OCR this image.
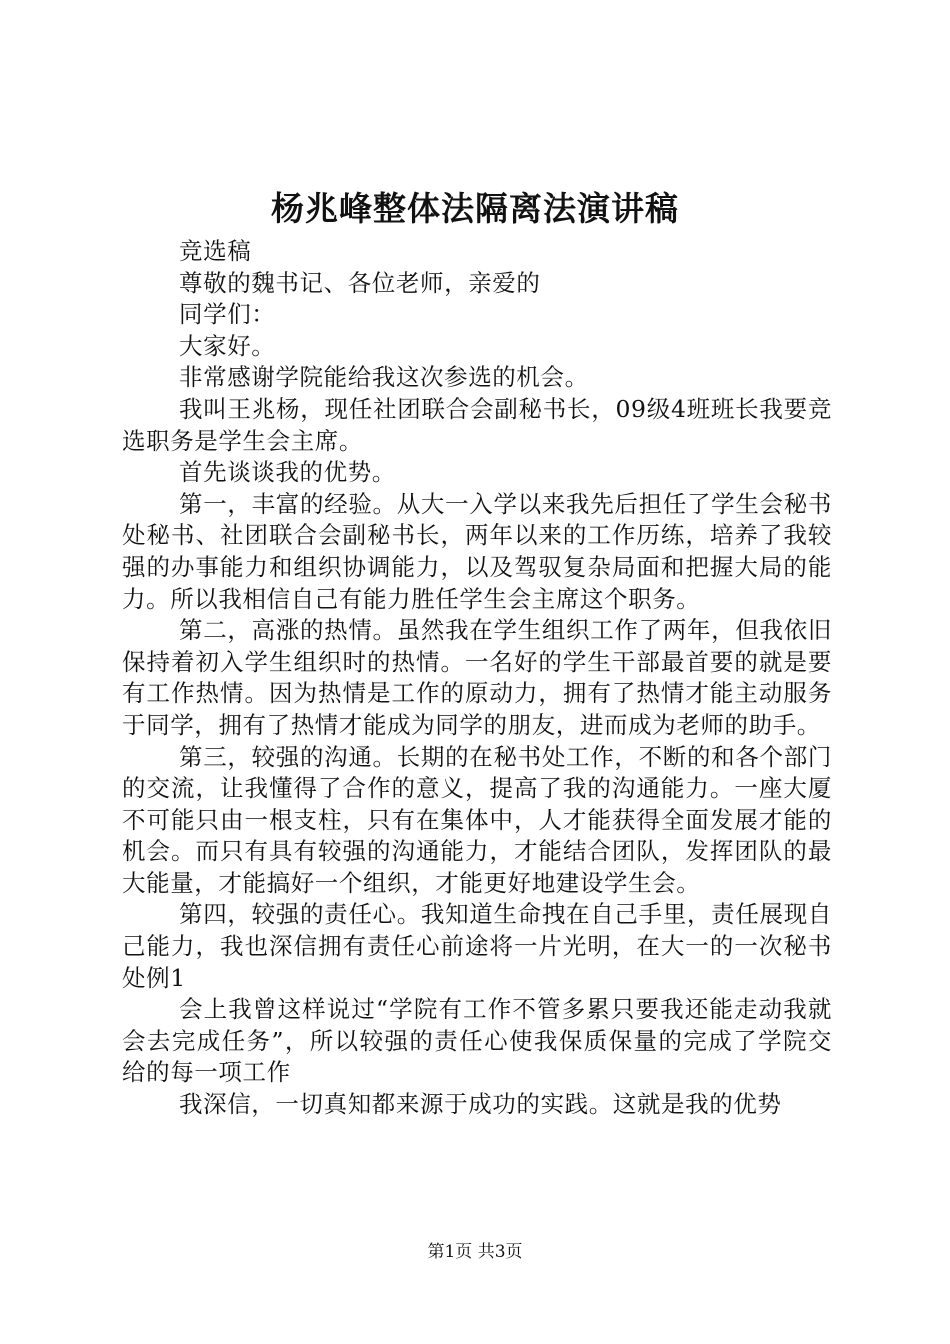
杨兆峰整体法隔离法演讲稿

竞选稿

尊敬的魏书记、各位老师，亲爱的

同学们：

大家好。

非常感谢学院能给我这次参选的机会。

我叫王兆杨，现任社团联合会副秘书长，09级4班班长我要竞选职务是学生会主席。

首先谈谈我的优势。

第一，丰富的经验。从大一入学以来我先后担任了学生会秘书处秘书、社团联合会副秘书长，两年以来的工作历练，培养了我较强的办事能力和组织协调能力，以及驾驭复杂局面和把握大局的能力。所以我相信自己有能力胜任学生会主席这个职务。

第二，高涨的热情。虽然我在学生组织工作了两年，但我依旧保持着初入学生组织时的热情。一名好的学生干部最首要的就是要有工作热情。因为热情是工作的原动力，拥有了热情才能主动服务于同学，拥有了热情才能成为同学的朋友，进而成为老师的助手。

第三，较强的沟通。长期的在秘书处工作，不断的和各个部门的交流，让我懂得了合作的意义，提高了我的沟通能力。一座大厦不可能只由一根支柱，只有在集体中，人才能获得全面发展才能的机会。而只有具有较强的沟通能力，才能结合团队，发挥团队的最大能量，才能搞好一个组织，才能更好地建设学生会。

第四，较强的责任心。我知道生命拽在自己手里，责任展现自己能力，我也深信拥有责任心前途将一片光明，在大一的一次秘书处例1

会上我曾这样说过“学院有工作不管多累只要我还能走动我就会去完成任务”，所以较强的责任心使我保质保量的完成了学院交给的每一项工作

我深信，一切真知都来源于成功的实践。这就是我的优势

第1页 共3页
